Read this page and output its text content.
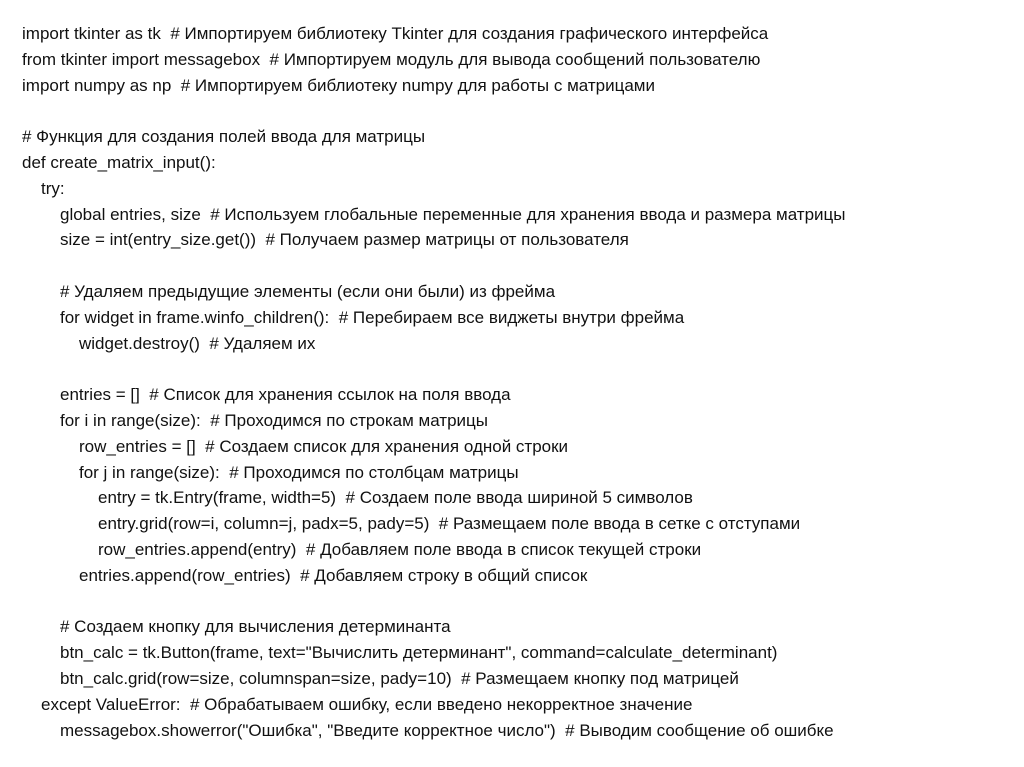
import tkinter as tk  # Импортируем библиотеку Tkinter для создания графического интерфейса
from tkinter import messagebox  # Импортируем модуль для вывода сообщений пользователю
import numpy as np  # Импортируем библиотеку numpy для работы с матрицами
# Функция для создания полей ввода для матрицы
def create_matrix_input():
try:
global entries, size  # Используем глобальные переменные для хранения ввода и размера матрицы
size = int(entry_size.get())  # Получаем размер матрицы от пользователя
# Удаляем предыдущие элементы (если они были) из фрейма
for widget in frame.winfo_children():  # Перебираем все виджеты внутри фрейма
widget.destroy()  # Удаляем их
entries = []  # Список для хранения ссылок на поля ввода
for i in range(size):  # Проходимся по строкам матрицы
row_entries = []  # Создаем список для хранения одной строки
for j in range(size):  # Проходимся по столбцам матрицы
entry = tk.Entry(frame, width=5)  # Создаем поле ввода шириной 5 символов
entry.grid(row=i, column=j, padx=5, pady=5)  # Размещаем поле ввода в сетке с отступами
row_entries.append(entry)  # Добавляем поле ввода в список текущей строки
entries.append(row_entries)  # Добавляем строку в общий список
# Создаем кнопку для вычисления детерминанта
btn_calc = tk.Button(frame, text="Вычислить детерминант", command=calculate_determinant)
btn_calc.grid(row=size, columnspan=size, pady=10)  # Размещаем кнопку под матрицей
except ValueError:  # Обрабатываем ошибку, если введено некорректное значение
messagebox.showerror("Ошибка", "Введите корректное число")  # Выводим сообщение об ошибке
